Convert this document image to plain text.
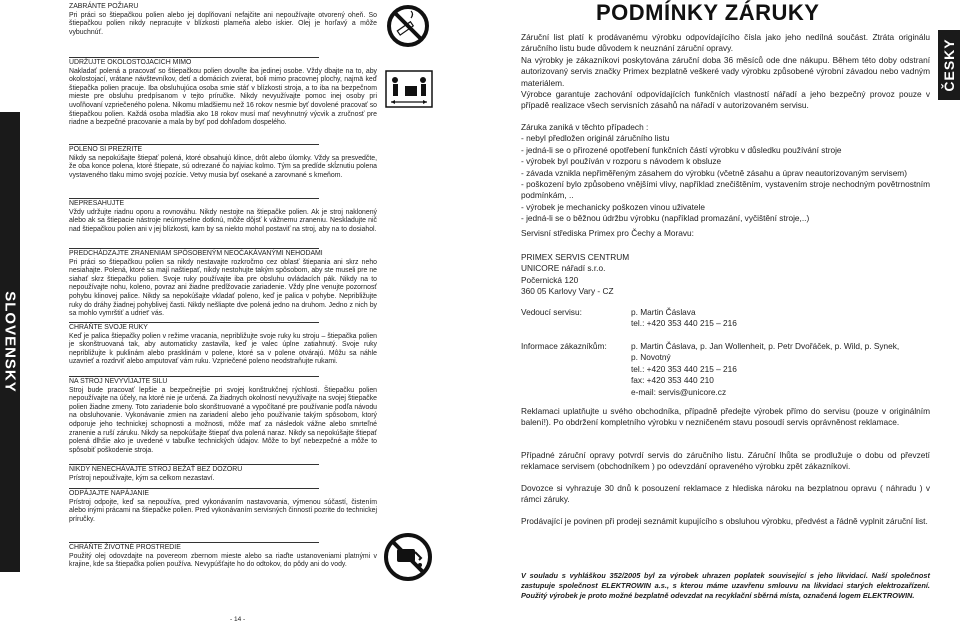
SLOVENSKY
ČESKY
ZABRÁNTE POŽIARU
Pri práci so štiepačkou polien alebo jej doplňovaní nefajčite ani nepoužívajte otvorený oheň. So štiepačkou polien nikdy nepracujte v blízkosti plameňa alebo iskier. Olej je horľavý a môže vybuchnúť.
UDRŽUJTE OKOLOSTOJACICH MIMO
Nakladať polená a pracovať so štiepačkou polien dovoľte iba jedinej osobe. Vždy dbajte na to, aby okolostojací, vrátane návštevníkov, detí a domácich zvierat, boli mimo pracovnej plochy, najmä keď štiepačka polien pracuje. Iba obsluhujúca osoba smie stáť v blízkosti stroja, a to iba na bezpečnom mieste pre obsluhu predpísanom v tejto príručke. Nikdy nevyužívajte pomoc inej osoby pri uvoľňovaní vzpriečeného polena. Nikomu mladšiemu než 16 rokov nesmie byť dovolené pracovať so štiepačkou polien. Každá osoba mladšia ako 18 rokov musí mať nevyhnutný výcvik a zručnosť pre riadne a bezpečné pracovanie a mala by byť pod dohľadom dospelého.
POLENO SI PREZRITE
Nikdy sa nepokúšajte štiepať polená, ktoré obsahujú klince, drôt alebo úlomky. Vždy sa presvedčte, že oba konce polena, ktoré štiepate, sú odrezané čo najviac kolmo. Tým sa predíde skĺznutiu polena vystaveného tlaku mimo svojej pozície. Vetvy musia byť osekané a zarovnané s kmeňom.
NEPRESAHUJTE
Vždy udržujte riadnu oporu a rovnováhu. Nikdy nestojte na štiepačke polien. Ak je stroj naklonený alebo ak sa štiepacie nástroje neúmyselne dotknú, môže dôjsť k vážnemu zraneniu. Neskladujte nič nad štiepačkou polien ani v jej blízkosti, kam by sa niekto mohol postaviť na stroj, aby na to dosiahol.
PREDCHÁDZAJTE ZRANENIAM SPÔSOBENÝM NEOČAKÁVANÝMI NEHODAMI
Pri práci so štiepačkou polien sa nikdy nestavajte rozkročmo cez oblasť štiepania ani skrz neho nesiahajte. Polená, ktoré sa mají naštiepať, nikdy nestohujte takým spôsobom, aby ste museli pre ne siahať skrz štiepačku polien. Svoje ruky používajte iba pre obsluhu ovládacích pák. Nikdy na to nepoužívajte nohu, koleno, povraz ani žiadne predlžovacie zariadenie. Vždy plne venujte pozornosť pohybu klinovej palice. Nikdy sa nepokúšajte vkladať poleno, keď je palica v pohybe. Nepribližujte ruky do dráhy žiadnej pohyblivej časti. Nikdy nešliapte dve polená jedno na druhom. Jedno z nich by sa mohlo vymrštiť a udriet' vás.
CHRÁŇTE SVOJE RUKY
Keď je palica štiepačky polien v režime vracania, nepribližujte svoje ruky ku stroju – štiepačka polien je skonštruovaná tak, aby automaticky zastavila, keď je valec úplne zatiahnutý. Svoje ruky nepribližujte k puklinám alebo prasklinám v polene, ktoré sa v polene otvárajú. Môžu sa náhle uzavrieť a rozdrviť alebo amputovať vám ruku. Vzpriečené poleno neodstraňujte rukami.
NA STROJ NEVYVÍJAJTE SILU
Stroj bude pracovať lepšie a bezpečnejšie pri svojej konštrukčnej rýchlosti. Štiepačku polien nepoužívajte na účely, na ktoré nie je určená. Za žiadnych okolností nevyužívajte na svojej štiepačke polien žiadne zmeny. Toto zariadenie bolo skonštruované a vypočítané pre používanie podľa návodu na obsluhovanie. Vykonávanie zmien na zariadení alebo jeho používanie takým spôsobom, ktorý odporuje jeho technickej schopnosti a možnosti, môže mať za následok vážne alebo smrteľné zranenie a ruší záruku. Nikdy sa nepokúšajte štiepať dva polená naraz. Nikdy sa nepokúšajte štiepať polená dlhšie ako je uvedené v tabuľke technických údajov. Môže to byť nebezpečné a môže to spôsobiť poškodenie stroja.
NIKDY NENECHÁVAJTE STROJ BEŽAŤ BEZ DOZORU
Prístroj nepoužívajte, kým sa celkom nezastaví.
ODPÁJAJTE NAPÁJANIE
Prístroj odpojte, keď sa nepoužíva, pred vykonávaním nastavovania, výmenou súčastí, čistením alebo inými prácami na štiepačke polien. Pred vykonávaním servisných činností pozrite do technickej príručky.
CHRÁŇTE ŽIVOTNÉ PROSTREDIE
Použitý olej odovzdajte na povereom zbernom mieste alebo sa riaďte ustanoveniami platnými v krajine, kde sa štiepačka polien používa. Nevypúšťajte ho do odtokov, do pôdy ani do vody.
- 14 -
PODMÍNKY ZÁRUKY
Záruční list platí k prodávanému výrobku odpovídajícího čísla jako jeho nedílná součást. Ztráta originálu záručního listu bude důvodem k neuznání záruční opravy.
Na výrobky je zákazníkovi poskytována záruční doba 36 měsíců ode dne nákupu. Během této doby odstraní autorizovaný servis značky Primex bezplatně veškeré vady výrobku způsobené výrobní závadou nebo vadným materiálem.
Výrobce garantuje zachování odpovídajících funkčních vlastností nářadí a jeho bezpečný provoz pouze v případě realizace všech servisních zásahů na nářadí v autorizovaném servisu.
Záruka zaniká v těchto případech :
- nebyl předložen originál záručního listu
- jedná-li se o přirozené opotřebení funkčních částí výrobku v důsledku používání stroje
- výrobek byl používán v rozporu s návodem k obsluze
- závada vznikla nepřiměřeným zásahem do výrobku (včetně zásahu a úprav neautorizovaným servisem)
- poškození bylo způsobeno vnějšími vlivy, například znečištěním, vystavením stroje nechodným povětrnostním podmínkám, ..
- výrobek je mechanicky poškozen vinou uživatele
- jedná-li se o běžnou údržbu výrobku (například promazání, vyčištění stroje,..)
Servisní střediska Primex pro Čechy a Moravu:
PRIMEX SERVIS CENTRUM
UNICORE nářadí s.r.o.
Počernická 120
360 05 Karlovy Vary - CZ
Vedoucí servisu:	p. Martin Čáslava
tel.: +420 353 440 215 – 216
Informace zákazníkům:	p. Martin Čáslava, p. Jan Wollenheit, p. Petr Dvořáček, p. Wild, p. Synek,
p. Novotný
tel.: +420 353 440 215 – 216
fax: +420 353 440 210
e-mail: servis@unicore.cz
Reklamaci uplatňujte u svého obchodníka, případně předejte výrobek přímo do servisu (pouze v originálním balení!). Po obdržení kompletního výrobku v nezničeném stavu posoudí servis oprávněnost reklamace.
Případné záruční opravy potvrdí servis do záručního listu. Záruční lhůta se prodlužuje o dobu od převzetí reklamace servisem (obchodníkem ) po odevzdání opraveného výrobku zpět zákazníkovi.
Dovozce si vyhrazuje 30 dnů k posouzení reklamace z hlediska nároku na bezplatnou opravu ( náhradu ) v rámci záruky.
Prodávající je povinen při prodeji seznámit kupujícího s obsluhou výrobku, předvést a řádně vyplnit záruční list.
V souladu s vyhláškou 352/2005 byl za výrobek uhrazen poplatek související s jeho likvidací. Naší společnost zastupuje společnost ELEKTROWIN a.s., s kterou máme uzavřenu smlouvu na likvidaci starých elektrozařízení. Použitý výrobek je proto možné bezplatně odevzdat na recyklační sběrná místa, označená logem ELEKTROWIN.
